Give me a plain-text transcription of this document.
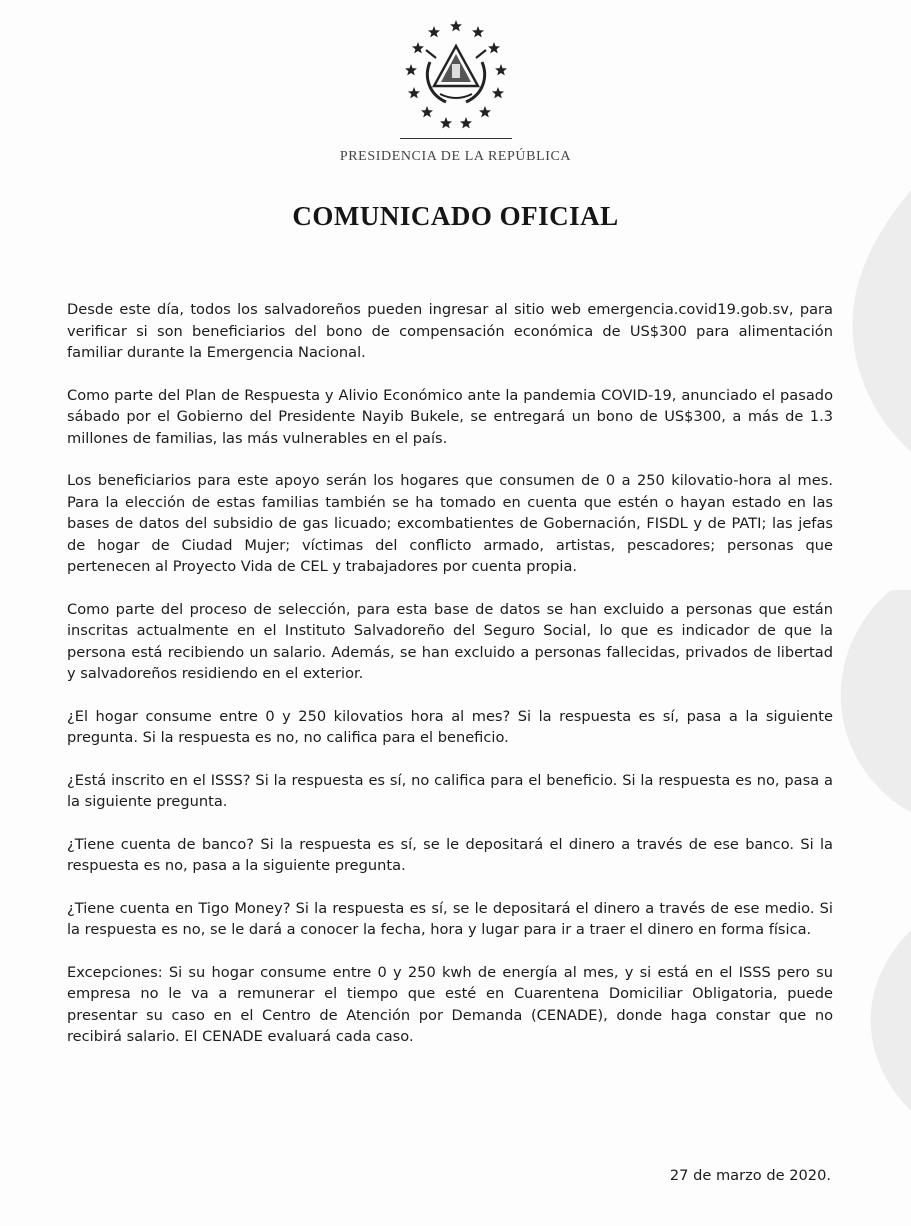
PRESIDENCIA DE LA REPÚBLICA
COMUNICADO OFICIAL

Desde este día, todos los salvadoreños pueden ingresar al sitio web emergencia.covid19.gob.sv, para verificar si son beneficiarios del bono de compensación económica de US$300 para alimentación familiar durante la Emergencia Nacional.

Como parte del Plan de Respuesta y Alivio Económico ante la pandemia COVID-19, anunciado el pasado sábado por el Gobierno del Presidente Nayib Bukele, se entregará un bono de US$300, a más de 1.3 millones de familias, las más vulnerables en el país.

Los beneficiarios para este apoyo serán los hogares que consumen de 0 a 250 kilovatio-hora al mes. Para la elección de estas familias también se ha tomado en cuenta que estén o hayan estado en las bases de datos del subsidio de gas licuado; excombatientes de Gobernación, FISDL y de PATI; las jefas de hogar de Ciudad Mujer; víctimas del conflicto armado, artistas, pescadores; personas que pertenecen al Proyecto Vida de CEL y trabajadores por cuenta propia.

Como parte del proceso de selección, para esta base de datos se han excluido a personas que están inscritas actualmente en el Instituto Salvadoreño del Seguro Social, lo que es indicador de que la persona está recibiendo un salario. Además, se han excluido a personas fallecidas, privados de libertad y salvadoreños residiendo en el exterior.

¿El hogar consume entre 0 y 250 kilovatios hora al mes? Si la respuesta es sí, pasa a la siguiente pregunta. Si la respuesta es no, no califica para el beneficio.

¿Está inscrito en el ISSS? Si la respuesta es sí, no califica para el beneficio. Si la respuesta es no, pasa a la siguiente pregunta.

¿Tiene cuenta de banco? Si la respuesta es sí, se le depositará el dinero a través de ese banco. Si la respuesta es no, pasa a la siguiente pregunta.

¿Tiene cuenta en Tigo Money? Si la respuesta es sí, se le depositará el dinero a través de ese medio. Si la respuesta es no, se le dará a conocer la fecha, hora y lugar para ir a traer el dinero en forma física.

Excepciones: Si su hogar consume entre 0 y 250 kwh de energía al mes, y si está en el ISSS pero su empresa no le va a remunerar el tiempo que esté en Cuarentena Domiciliar Obligatoria, puede presentar su caso en el Centro de Atención por Demanda (CENADE), donde haga constar que no recibirá salario. El CENADE evaluará cada caso.

27 de marzo de 2020.
